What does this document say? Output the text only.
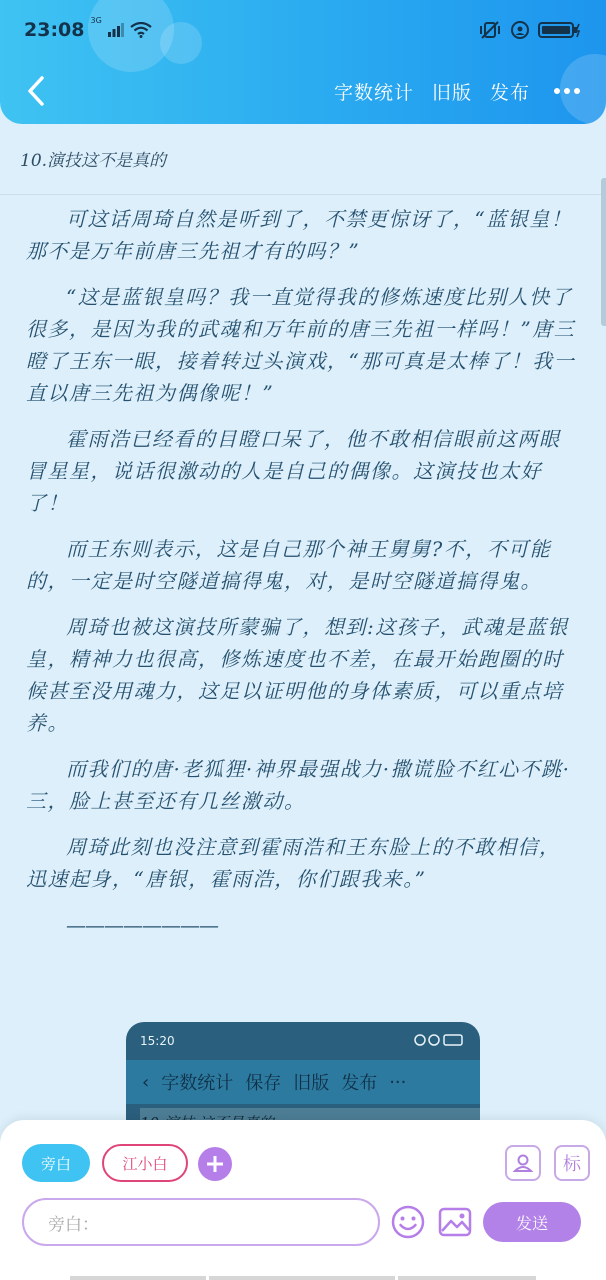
23:08 3G
字数统计 旧版 发布
10.演技这不是真的

可这话周琦自然是听到了，不禁更惊讶了，“蓝银皇！那不是万年前唐三先祖才有的吗？”

“这是蓝银皇吗？我一直觉得我的修炼速度比别人快了很多，是因为我的武魂和万年前的唐三先祖一样吗！”唐三瞪了王东一眼，接着转过头演戏，“那可真是太棒了！我一直以唐三先祖为偶像呢！”

霍雨浩已经看的目瞪口呆了，他不敢相信眼前这两眼冒星星，说话很激动的人是自己的偶像。这演技也太好了！

而王东则表示，这是自己那个神王舅舅?不，不可能的，一定是时空隧道搞得鬼，对，是时空隧道搞得鬼。

周琦也被这演技所蒙骗了，想到:这孩子，武魂是蓝银皇，精神力也很高，修炼速度也不差，在最开始跑圈的时候甚至没用魂力，这足以证明他的身体素质，可以重点培养。

而我们的唐·老狐狸·神界最强战力·撒谎脸不红心不跳·三，脸上甚至还有几丝激动。

周琦此刻也没注意到霍雨浩和王东脸上的不敢相信，迅速起身，“唐银，霍雨浩，你们跟我来。”

————————

15:20
‹ 字数统计 保存 旧版 发布 ···
旁白	江小白	标
旁白：	发送
